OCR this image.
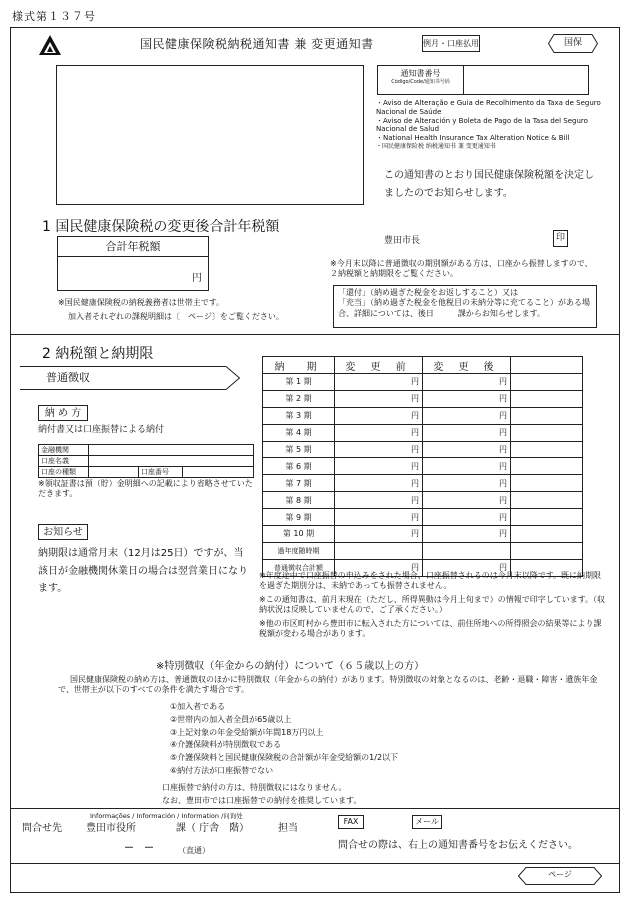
様式第１３７号
国民健康保険税納税通知書 兼 変更通知書	例月・口座払用	国保
通知書番号
Código/Code/通知书号码
・Aviso de Alteração e Guia de Recolhimento da Taxa de Seguro Nacional de Saúde
・Aviso de Alteración y Boleta de Pago de la Tasa del Seguro Nacional de Salud
・National Health Insurance Tax Alteration Notice & Bill
・国民健康保险税 纳税通知书 兼 变更通知书
この通知書のとおり国民健康保険税額を決定しましたのでお知らせします。
1 国民健康保険税の変更後合計年税額
合計年税額
円
※国民健康保険税の納税義務者は世帯主です。
加入者それぞれの課税明細は〔　ページ〕をご覧ください。
豊田市長	印
※今月末以降に普通徴収の期別額がある方は、口座から振替しますので、２納税額と納期限をご覧ください。
「還付」（納め過ぎた税金をお返しすること）又は
「充当」（納め過ぎた税金を他税目の未納分等に充てること）がある場合、詳細については、後日　　　課からお知らせします。
2 納税額と納期限
普通徴収
納 め 方
納付書又は口座振替による納付
金融機関			
口座名義			
口座の種類		口座番号	
※領収証書は預（貯）金明細への記載により省略させていただきます。
お知らせ
納期限は通常月末（12月は25日）ですが、当該日が金融機関休業日の場合は翌営業日になります。
納　期	変 更 前	変 更 後	
第 1 期	円	円	
第 2 期	円	円	
第 3 期	円	円	
第 4 期	円	円	
第 5 期	円	円	
第 6 期	円	円	
第 7 期	円	円	
第 8 期	円	円	
第 9 期	円	円	
第 10 期	円	円	
過年度随時期			
普通徴収合計額	円	円	
※年度途中で口座振替の申込みをされた場合、口座振替されるのは今月末以降です。既に納期限を過ぎた期別分は、未納であっても振替されません。
※この通知書は、前月末現在（ただし、所得異動は今月上旬まで）の情報で印字しています。（収納状況は反映していませんので、ご了承ください。）
※他の市区町村から豊田市に転入された方については、前住所地への所得照会の結果等により課税額が変わる場合があります。
※特別徴収（年金からの納付）について（６５歳以上の方）
国民健康保険税の納め方は、普通徴収のほかに特別徴収（年金からの納付）があります。特別徴収の対象となるのは、老齢・退職・障害・遺族年金で、世帯主が以下のすべての条件を満たす場合です。
①加入者である
②世帯内の加入者全員が65歳以上
③上記対象の年金受給額が年間18万円以上
④介護保険料が特別徴収である
⑤介護保険料と国民健康保険税の合計額が年金受給額の1/2以下
⑥納付方法が口座振替でない
口座振替で納付の方は、特別徴収にはなりません。
なお、豊田市では口座振替での納付を推奨しています。
Informações / Información / Information /问询处
問合せ先 豊田市役所	課（ 庁舎　階）	担当
－　－	（直通）
FAX	メール
問合せの際は、右上の通知書番号をお伝えください。
ページ
